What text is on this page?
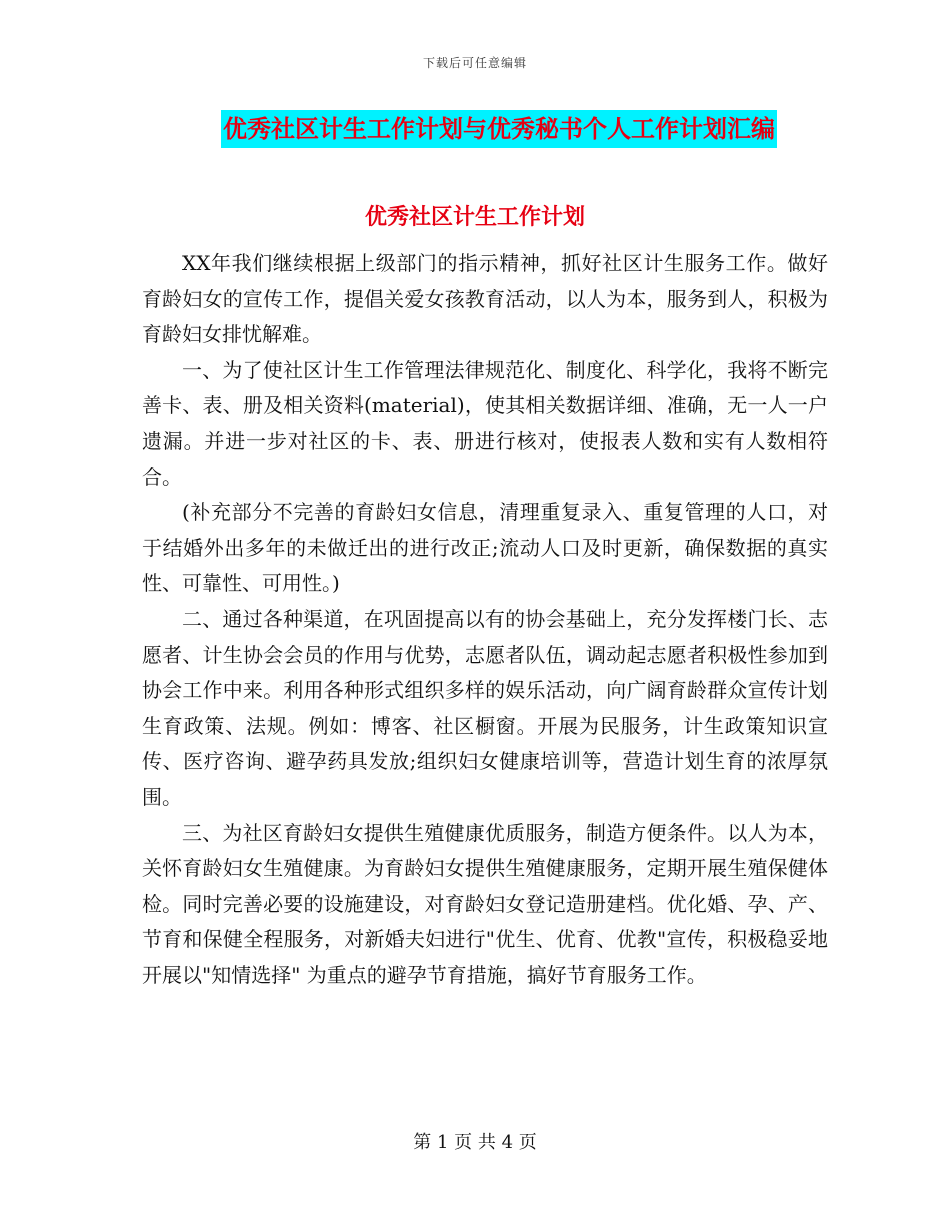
下载后可任意编辑
优秀社区计生工作计划与优秀秘书个人工作计划汇编
优秀社区计生工作计划

XX年我们继续根据上级部门的指示精神，抓好社区计生服务工作。做好育龄妇女的宣传工作，提倡关爱女孩教育活动，以人为本，服务到人，积极为育龄妇女排忧解难。

一、为了使社区计生工作管理法律规范化、制度化、科学化，我将不断完善卡、表、册及相关资料(material)，使其相关数据详细、准确，无一人一户遗漏。并进一步对社区的卡、表、册进行核对，使报表人数和实有人数相符合。

(补充部分不完善的育龄妇女信息，清理重复录入、重复管理的人口，对于结婚外出多年的未做迁出的进行改正;流动人口及时更新，确保数据的真实性、可靠性、可用性。)

二、通过各种渠道，在巩固提高以有的协会基础上，充分发挥楼门长、志愿者、计生协会会员的作用与优势，志愿者队伍，调动起志愿者积极性参加到协会工作中来。利用各种形式组织多样的娱乐活动，向广阔育龄群众宣传计划生育政策、法规。例如：博客、社区橱窗。开展为民服务，计生政策知识宣传、医疗咨询、避孕药具发放;组织妇女健康培训等，营造计划生育的浓厚氛围。

三、为社区育龄妇女提供生殖健康优质服务，制造方便条件。以人为本，关怀育龄妇女生殖健康。为育龄妇女提供生殖健康服务，定期开展生殖保健体检。同时完善必要的设施建设，对育龄妇女登记造册建档。优化婚、孕、产、节育和保健全程服务，对新婚夫妇进行"优生、优育、优教"宣传，积极稳妥地开展以"知情选择" 为重点的避孕节育措施，搞好节育服务工作。

第 1 页 共 4 页
